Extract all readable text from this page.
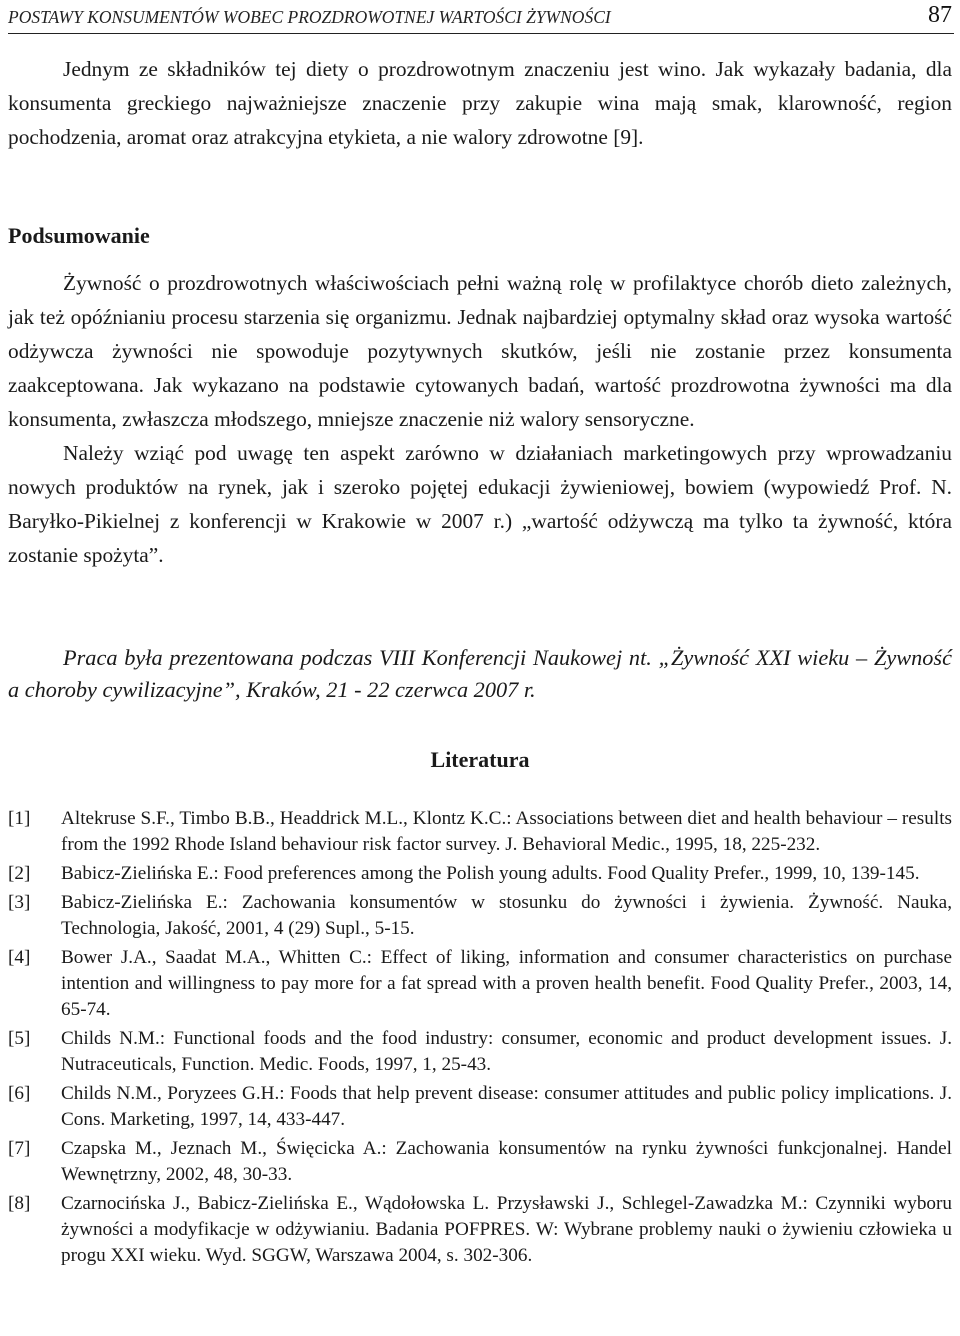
POSTAWY KONSUMENTÓW WOBEC PROZDROWOTNEJ WARTOŚCI ŻYWNOŚCI	87

Jednym ze składników tej diety o prozdrowotnym znaczeniu jest wino. Jak wykazały badania, dla konsumenta greckiego najważniejsze znaczenie przy zakupie wina mają smak, klarowność, region pochodzenia, aromat oraz atrakcyjna etykieta, a nie walory zdrowotne [9].

Podsumowanie

Żywność o prozdrowotnych właściwościach pełni ważną rolę w profilaktyce chorób dieto zależnych, jak też opóźnianiu procesu starzenia się organizmu. Jednak najbardziej optymalny skład oraz wysoka wartość odżywcza żywności nie spowoduje pozytywnych skutków, jeśli nie zostanie przez konsumenta zaakceptowana. Jak wykazano na podstawie cytowanych badań, wartość prozdrowotna żywności ma dla konsumenta, zwłaszcza młodszego, mniejsze znaczenie niż walory sensoryczne.

Należy wziąć pod uwagę ten aspekt zarówno w działaniach marketingowych przy wprowadzaniu nowych produktów na rynek, jak i szeroko pojętej edukacji żywieniowej, bowiem (wypowiedź Prof. N. Baryłko-Pikielnej z konferencji w Krakowie w 2007 r.) „wartość odżywczą ma tylko ta żywność, która zostanie spożyta”.

Praca była prezentowana podczas VIII Konferencji Naukowej nt. „Żywność XXI wieku – Żywność a choroby cywilizacyjne”, Kraków, 21 - 22 czerwca 2007 r.

Literatura
[1]	Altekruse S.F., Timbo B.B., Headdrick M.L., Klontz K.C.: Associations between diet and health behaviour – results from the 1992 Rhode Island behaviour risk factor survey. J. Behavioral Medic., 1995, 18, 225-232.
[2]	Babicz-Zielińska E.: Food preferences among the Polish young adults. Food Quality Prefer., 1999, 10, 139-145.
[3]	Babicz-Zielińska E.: Zachowania konsumentów w stosunku do żywności i żywienia. Żywność. Nauka, Technologia, Jakość, 2001, 4 (29) Supl., 5-15.
[4]	Bower J.A., Saadat M.A., Whitten C.: Effect of liking, information and consumer characteristics on purchase intention and willingness to pay more for a fat spread with a proven health benefit. Food Quality Prefer., 2003, 14, 65-74.
[5]	Childs N.M.: Functional foods and the food industry: consumer, economic and product development issues. J. Nutraceuticals, Function. Medic. Foods, 1997, 1, 25-43.
[6]	Childs N.M., Poryzees G.H.: Foods that help prevent disease: consumer attitudes and public policy implications. J. Cons. Marketing, 1997, 14, 433-447.
[7]	Czapska M., Jeznach M., Święcicka A.: Zachowania konsumentów na rynku żywności funkcjonalnej. Handel Wewnętrzny, 2002, 48, 30-33.
[8]	Czarnocińska J., Babicz-Zielińska E., Wądołowska L. Przysławski J., Schlegel-Zawadzka M.: Czynniki wyboru żywności a modyfikacje w odżywianiu. Badania POFPRES. W: Wybrane problemy nauki o żywieniu człowieka u progu XXI wieku. Wyd. SGGW, Warszawa 2004, s. 302-306.
